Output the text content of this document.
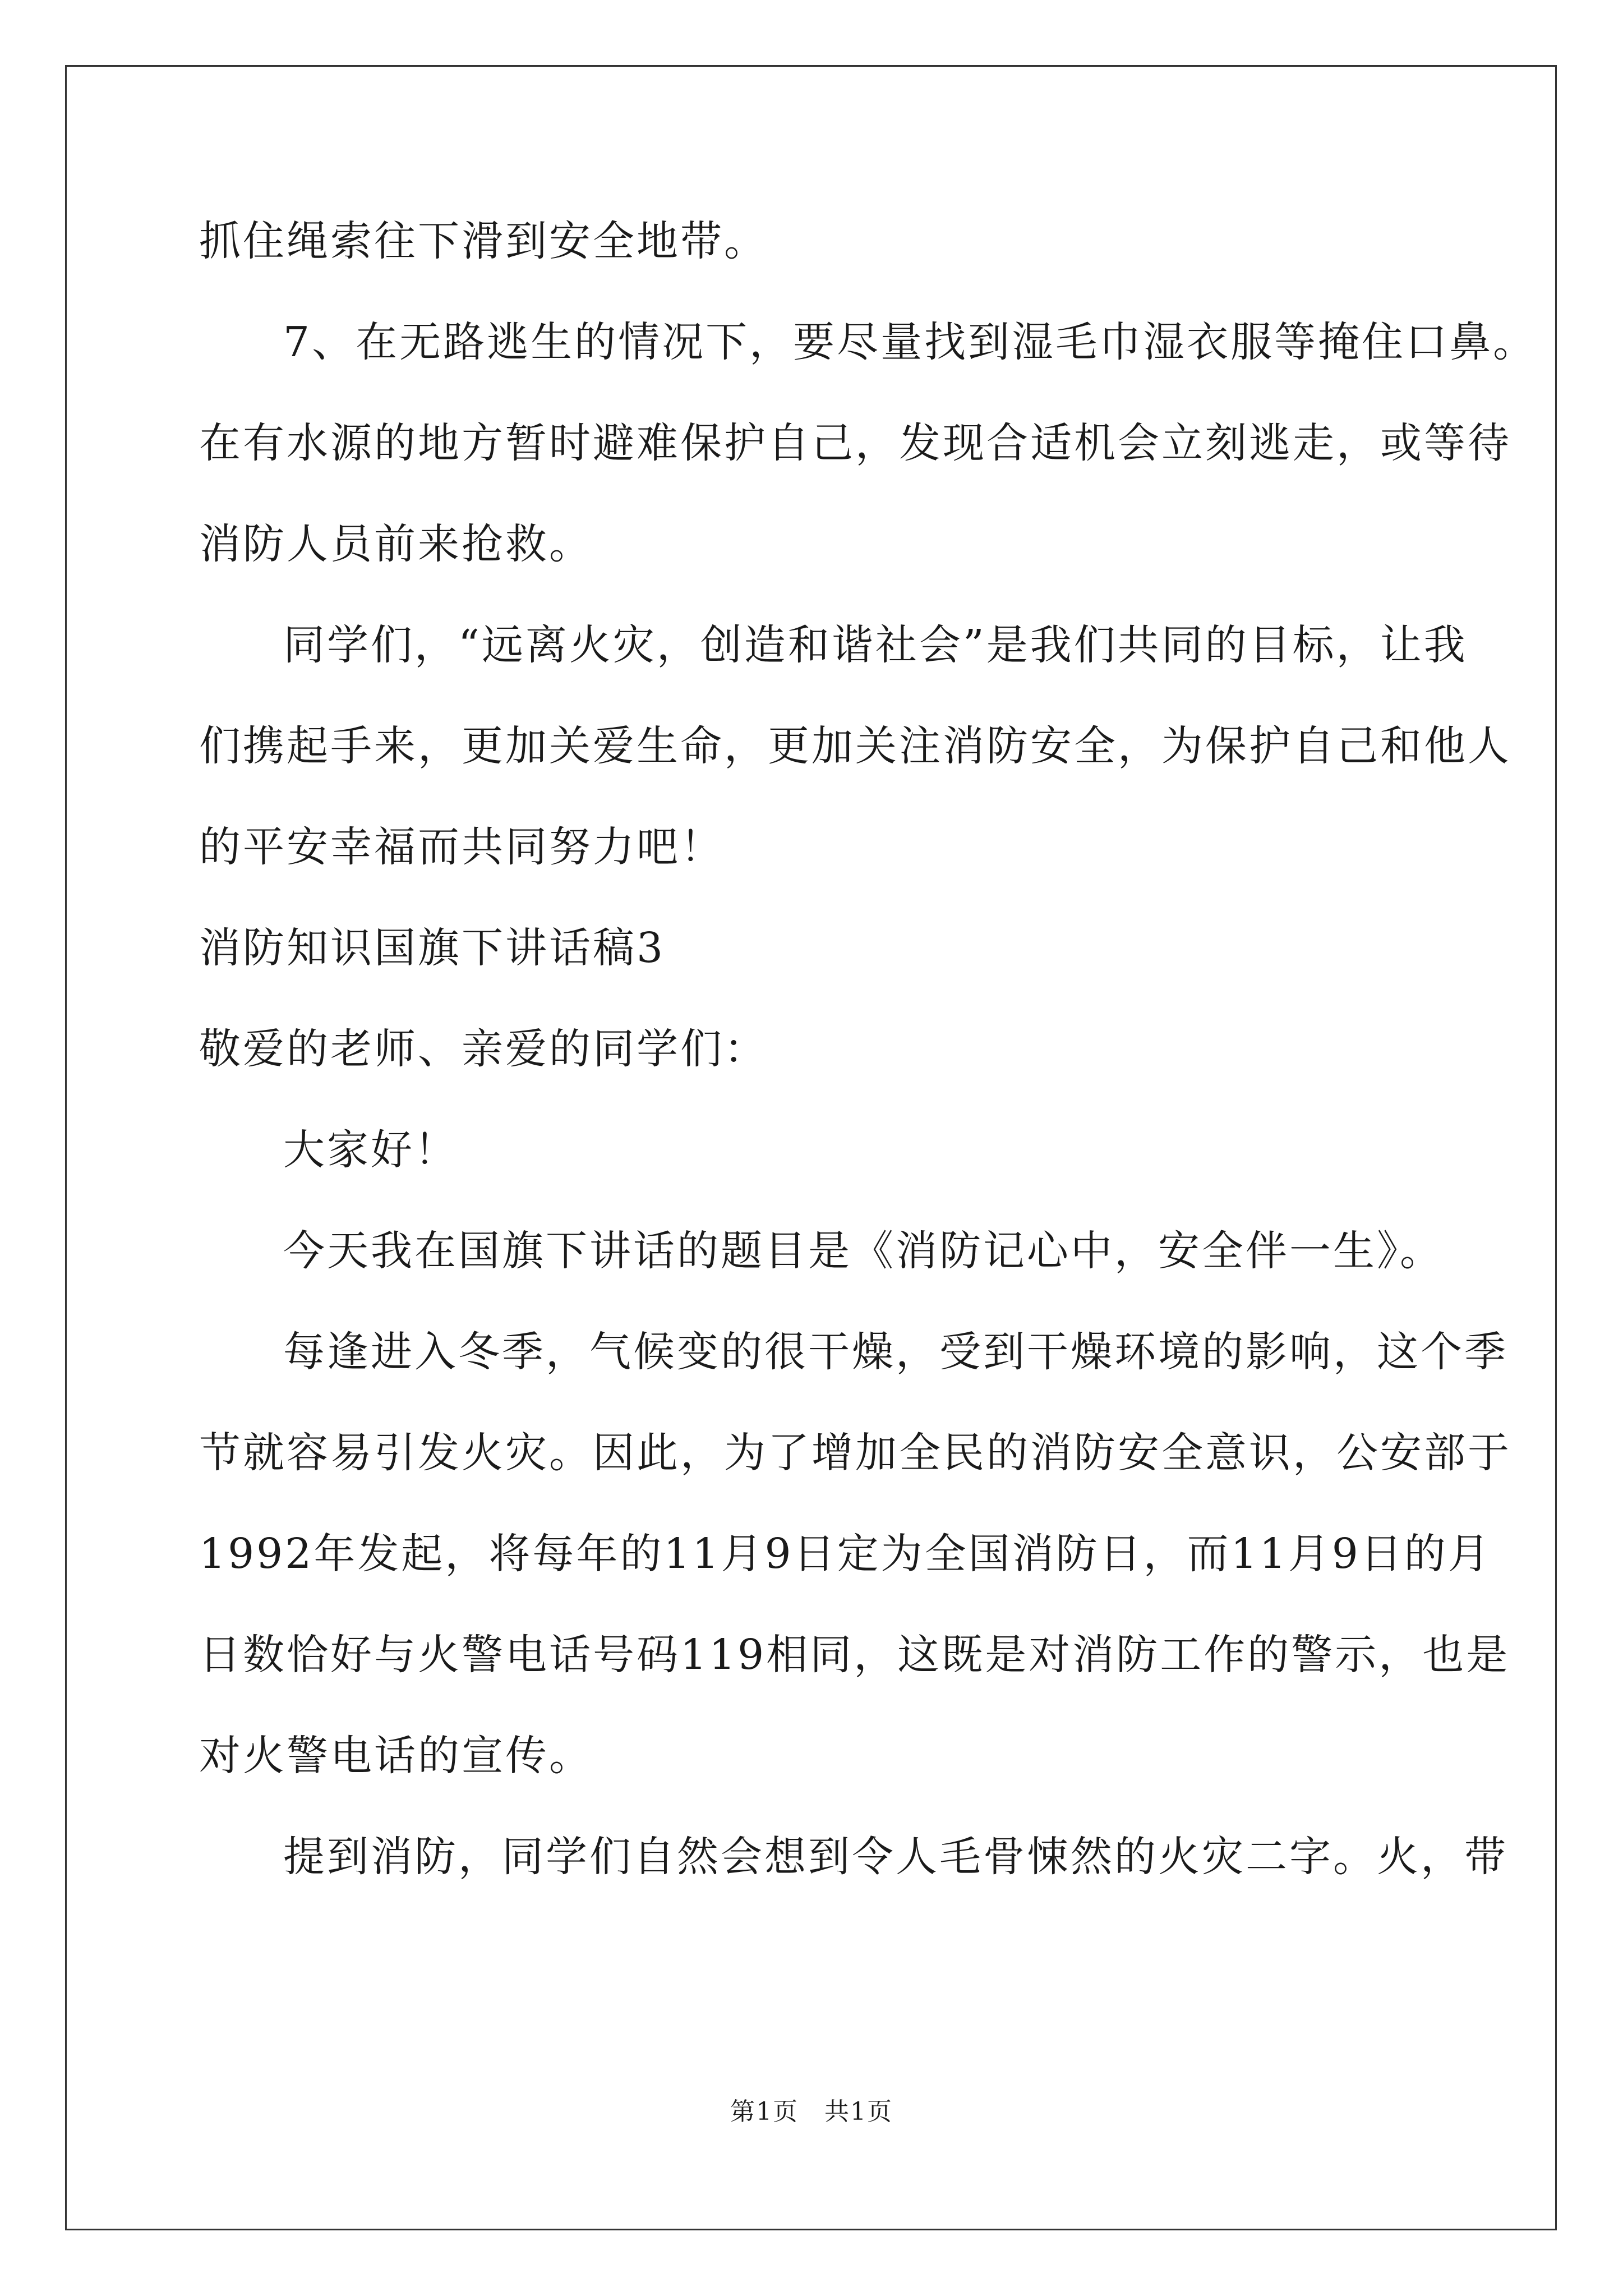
抓住绳索往下滑到安全地带。
7、在无路逃生的情况下，要尽量找到湿毛巾湿衣服等掩住口鼻。
在有水源的地方暂时避难保护自己，发现合适机会立刻逃走，或等待
消防人员前来抢救。
同学们，“远离火灾，创造和谐社会”是我们共同的目标，让我
们携起手来，更加关爱生命，更加关注消防安全，为保护自己和他人
的平安幸福而共同努力吧！
消防知识国旗下讲话稿3
敬爱的老师、亲爱的同学们：
大家好！
今天我在国旗下讲话的题目是《消防记心中，安全伴一生》。
每逢进入冬季，气候变的很干燥，受到干燥环境的影响，这个季
节就容易引发火灾。因此，为了增加全民的消防安全意识，公安部于
1992年发起，将每年的11月9日定为全国消防日，而11月9日的月
日数恰好与火警电话号码119相同，这既是对消防工作的警示，也是
对火警电话的宣传。
提到消防，同学们自然会想到令人毛骨悚然的火灾二字。火，带
第1页　共1页
